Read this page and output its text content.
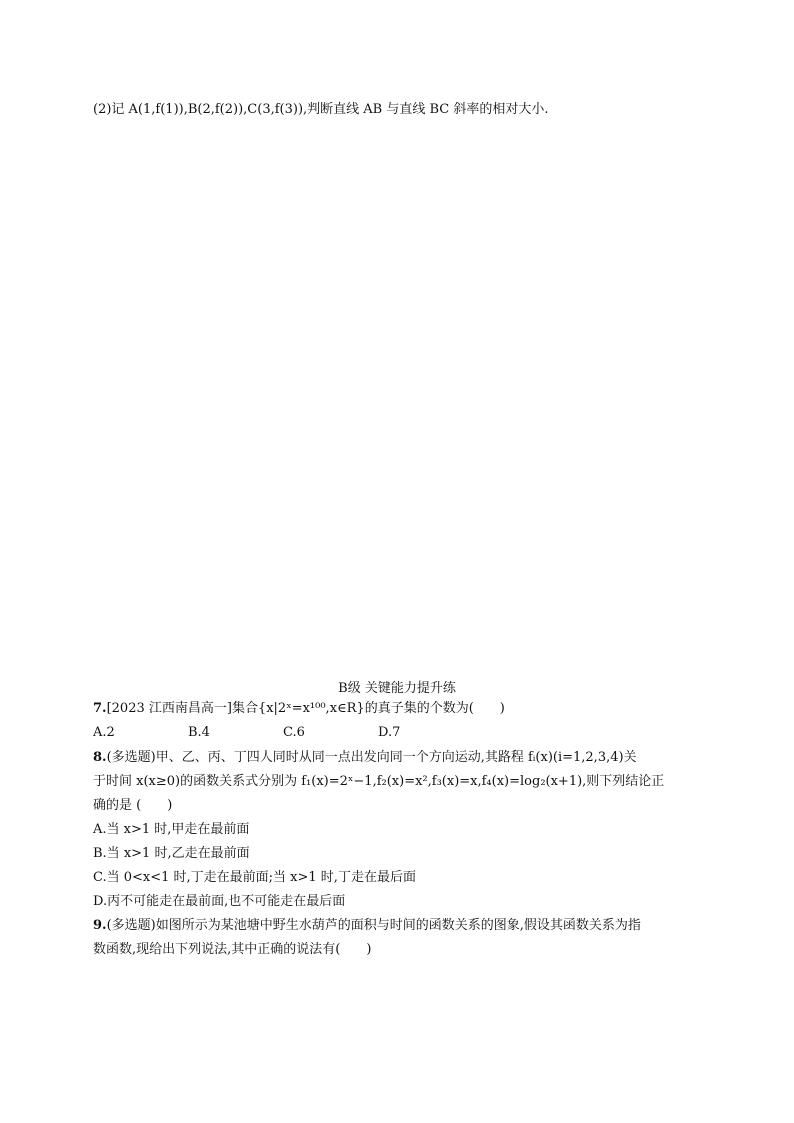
(2)记 A(1,f(1)),B(2,f(2)),C(3,f(3)),判断直线 AB 与直线 BC 斜率的相对大小.
B级 关键能力提升练
7.[2023 江西南昌高一]集合{x|2ˣ=x¹⁰⁰,x∈R}的真子集的个数为(　　)
A.2	B.4	C.6	D.7
8.(多选题)甲、乙、丙、丁四人同时从同一点出发向同一个方向运动,其路程 fᵢ(x)(i=1,2,3,4)关
于时间 x(x≥0)的函数关系式分别为 f₁(x)=2ˣ−1,f₂(x)=x²,f₃(x)=x,f₄(x)=log₂(x+1),则下列结论正
确的是 (　　)
A.当 x>1 时,甲走在最前面
B.当 x>1 时,乙走在最前面
C.当 0<x<1 时,丁走在最前面;当 x>1 时,丁走在最后面
D.丙不可能走在最前面,也不可能走在最后面
9.(多选题)如图所示为某池塘中野生水葫芦的面积与时间的函数关系的图象,假设其函数关系为指
数函数,现给出下列说法,其中正确的说法有(　　)
